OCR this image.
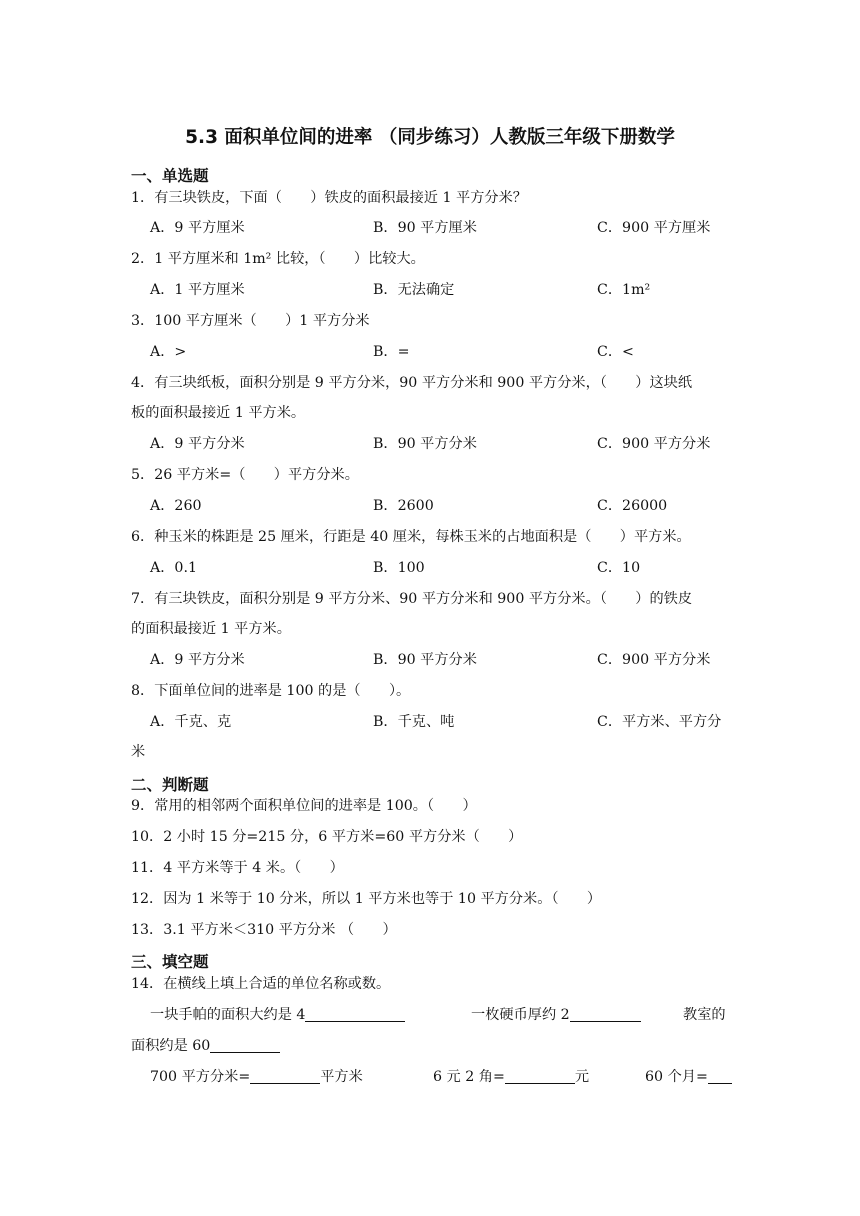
5.3 面积单位间的进率 （同步练习）人教版三年级下册数学
一、单选题
1．有三块铁皮，下面（　　）铁皮的面积最接近 1 平方分米？
A．9 平方厘米	B．90 平方厘米	C．900 平方厘米
2．1 平方厘米和 1m² 比较，（　　）比较大。
A．1 平方厘米	B．无法确定	C．1m²
3．100 平方厘米（　　）1 平方分米
A．>	B．=	C．<
4．有三块纸板，面积分别是 9 平方分米，90 平方分米和 900 平方分米，（　　）这块纸
板的面积最接近 1 平方米。
A．9 平方分米	B．90 平方分米	C．900 平方分米
5．26 平方米=（　　）平方分米。
A．260	B．2600	C．26000
6．种玉米的株距是 25 厘米，行距是 40 厘米，每株玉米的占地面积是（　　）平方米。
A．0.1	B．100	C．10
7．有三块铁皮，面积分别是 9 平方分米、90 平方分米和 900 平方分米。（　　）的铁皮
的面积最接近 1 平方米。
A．9 平方分米	B．90 平方分米	C．900 平方分米
8．下面单位间的进率是 100 的是（　　）。
A．千克、克	B．千克、吨	C．平方米、平方分
米
二、判断题
9．常用的相邻两个面积单位间的进率是 100。（　　）
10．2 小时 15 分=215 分，6 平方米=60 平方分米（　　）
11．4 平方米等于 4 米。（　　）
12．因为 1 米等于 10 分米，所以 1 平方米也等于 10 平方分米。（　　）
13．3.1 平方米＜310 平方分米 （　　）
三、填空题
14．在横线上填上合适的单位名称或数。
一块手帕的面积大约是 4	一枚硬币厚约 2	教室的
面积约是 60
700 平方分米=	平方米	6 元 2 角=	元	60 个月=
